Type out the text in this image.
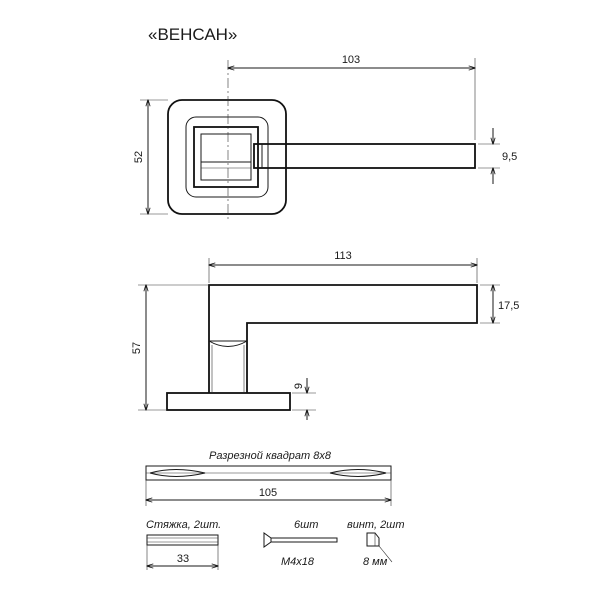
«ВЕНСАН»
103
52	9,5
113
57
17,5
9
Разрезной квадрат 8х8
105
Стяжка, 2шт.
33
6шт
М4х18
винт, 2шт
8 мм
